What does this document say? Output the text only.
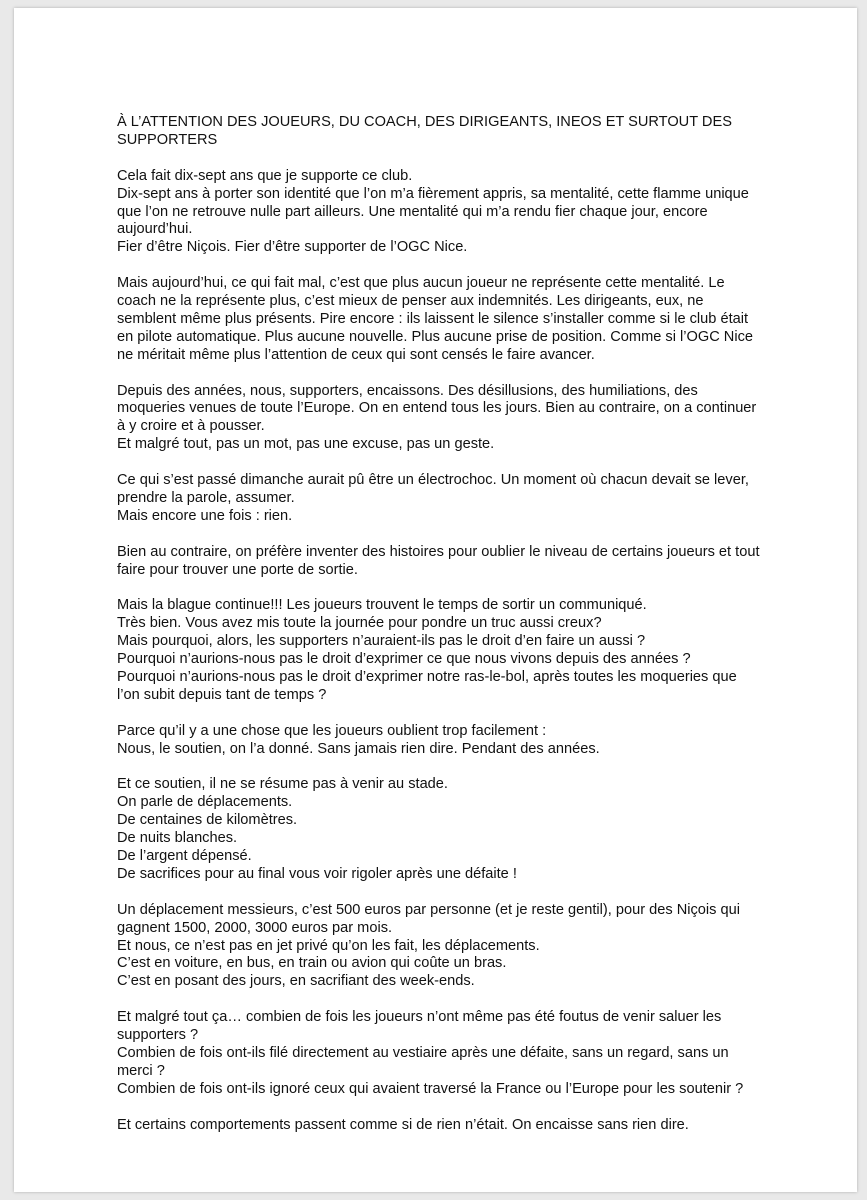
À L’ATTENTION DES JOUEURS, DU COACH, DES DIRIGEANTS, INEOS ET SURTOUT DES
SUPPORTERS

Cela fait dix-sept ans que je supporte ce club.
Dix-sept ans à porter son identité que l’on m’a fièrement appris, sa mentalité, cette flamme unique
que l’on ne retrouve nulle part ailleurs. Une mentalité qui m’a rendu fier chaque jour, encore
aujourd’hui.
Fier d’être Niçois. Fier d’être supporter de l’OGC Nice.

Mais aujourd’hui, ce qui fait mal, c’est que plus aucun joueur ne représente cette mentalité. Le
coach ne la représente plus, c’est mieux de penser aux indemnités. Les dirigeants, eux, ne
semblent même plus présents. Pire encore : ils laissent le silence s’installer comme si le club était
en pilote automatique. Plus aucune nouvelle. Plus aucune prise de position. Comme si l’OGC Nice
ne méritait même plus l’attention de ceux qui sont censés le faire avancer.

Depuis des années, nous, supporters, encaissons. Des désillusions, des humiliations, des
moqueries venues de toute l’Europe. On en entend tous les jours. Bien au contraire, on a continuer
à y croire et à pousser.
Et malgré tout, pas un mot, pas une excuse, pas un geste.

Ce qui s’est passé dimanche aurait pû être un électrochoc. Un moment où chacun devait se lever,
prendre la parole, assumer.
Mais encore une fois : rien.

Bien au contraire, on préfère inventer des histoires pour oublier le niveau de certains joueurs et tout
faire pour trouver une porte de sortie.

Mais la blague continue!!! Les joueurs trouvent le temps de sortir un communiqué.
Très bien. Vous avez mis toute la journée pour pondre un truc aussi creux?
Mais pourquoi, alors, les supporters n’auraient-ils pas le droit d’en faire un aussi ?
Pourquoi n’aurions-nous pas le droit d’exprimer ce que nous vivons depuis des années ?
Pourquoi n’aurions-nous pas le droit d’exprimer notre ras-le-bol, après toutes les moqueries que
l’on subit depuis tant de temps ?

Parce qu’il y a une chose que les joueurs oublient trop facilement :
Nous, le soutien, on l’a donné. Sans jamais rien dire. Pendant des années.

Et ce soutien, il ne se résume pas à venir au stade.
On parle de déplacements.
De centaines de kilomètres.
De nuits blanches.
De l’argent dépensé.
De sacrifices pour au final vous voir rigoler après une défaite !

Un déplacement messieurs, c’est 500 euros par personne (et je reste gentil), pour des Niçois qui
gagnent 1500, 2000, 3000 euros par mois.
Et nous, ce n’est pas en jet privé qu’on les fait, les déplacements.
C’est en voiture, en bus, en train ou avion qui coûte un bras.
C’est en posant des jours, en sacrifiant des week-ends.

Et malgré tout ça… combien de fois les joueurs n’ont même pas été foutus de venir saluer les
supporters ?
Combien de fois ont-ils filé directement au vestiaire après une défaite, sans un regard, sans un
merci ?
Combien de fois ont-ils ignoré ceux qui avaient traversé la France ou l’Europe pour les soutenir ?

Et certains comportements passent comme si de rien n’était. On encaisse sans rien dire.
